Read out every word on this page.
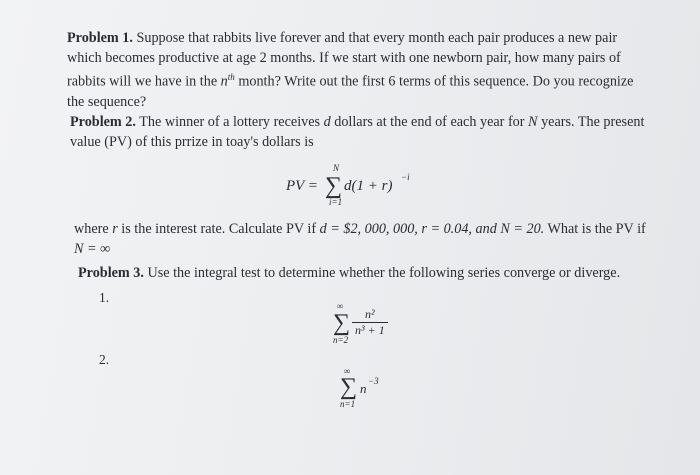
Problem 1. Suppose that rabbits live forever and that every month each pair produces a new pair which becomes productive at age 2 months. If we start with one newborn pair, how many pairs of rabbits will we have in the $n^{th}$ month? Write out the first 6 terms of this sequence. Do you recognize the sequence?
Problem 2. The winner of a lottery receives d dollars at the end of each year for N years. The present value (PV) of this prrize in toay's dollars is
PV = ∑
N
i=1
d(1 + r)
−i
where r is the interest rate. Calculate PV if d = $2, 000, 000, r = 0.04, and N = 20. What is the PV if N = ∞
Problem 3. Use the integral test to determine whether the following series converge or diverge.
1.
∞
∑
n=2
$\frac{\text{n²}}{\text{n³ + 1}}$
2.
∞
∑
n=1
n −3
